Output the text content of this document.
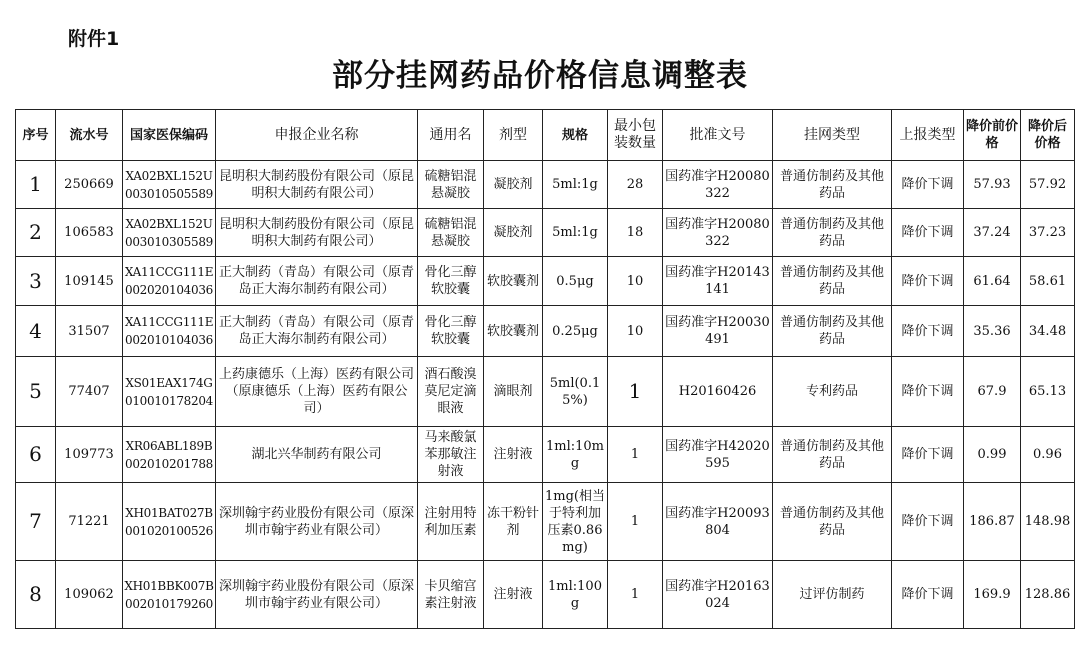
附件1
部分挂网药品价格信息调整表
序号	流水号	国家医保编码	申报企业名称	通用名	剂型	规格	最小包装数量	批准文号	挂网类型	上报类型	降价前价格	降价后价格
1	250669	XA02BXL152U003010505589	昆明积大制药股份有限公司（原昆明积大制药有限公司）	硫糖铝混悬凝胶	凝胶剂	5ml:1g	28	国药准字H20080322	普通仿制药及其他药品	降价下调	57.93	57.92
2	106583	XA02BXL152U003010305589	昆明积大制药股份有限公司（原昆明积大制药有限公司）	硫糖铝混悬凝胶	凝胶剂	5ml:1g	18	国药准字H20080322	普通仿制药及其他药品	降价下调	37.24	37.23
3	109145	XA11CCG111E002020104036	正大制药（青岛）有限公司（原青岛正大海尔制药有限公司）	骨化三醇软胶囊	软胶囊剂	0.5μg	10	国药准字H20143141	普通仿制药及其他药品	降价下调	61.64	58.61
4	31507	XA11CCG111E002010104036	正大制药（青岛）有限公司（原青岛正大海尔制药有限公司）	骨化三醇软胶囊	软胶囊剂	0.25μg	10	国药准字H20030491	普通仿制药及其他药品	降价下调	35.36	34.48
5	77407	XS01EAX174G010010178204	上药康德乐（上海）医药有限公司（原康德乐（上海）医药有限公司）	酒石酸溴莫尼定滴眼液	滴眼剂	5ml(0.15%)	1	H20160426	专利药品	降价下调	67.9	65.13
6	109773	XR06ABL189B002010201788	湖北兴华制药有限公司	马来酸氯苯那敏注射液	注射液	1ml:10mg	1	国药准字H42020595	普通仿制药及其他药品	降价下调	0.99	0.96
7	71221	XH01BAT027B001020100526	深圳翰宇药业股份有限公司（原深圳市翰宇药业有限公司）	注射用特利加压素	冻干粉针剂	1mg(相当于特利加压素0.86mg)	1	国药准字H20093804	普通仿制药及其他药品	降价下调	186.87	148.98
8	109062	XH01BBK007B002010179260	深圳翰宇药业股份有限公司（原深圳市翰宇药业有限公司）	卡贝缩宫素注射液	注射液	1ml:100g	1	国药准字H20163024	过评仿制药	降价下调	169.9	128.86
